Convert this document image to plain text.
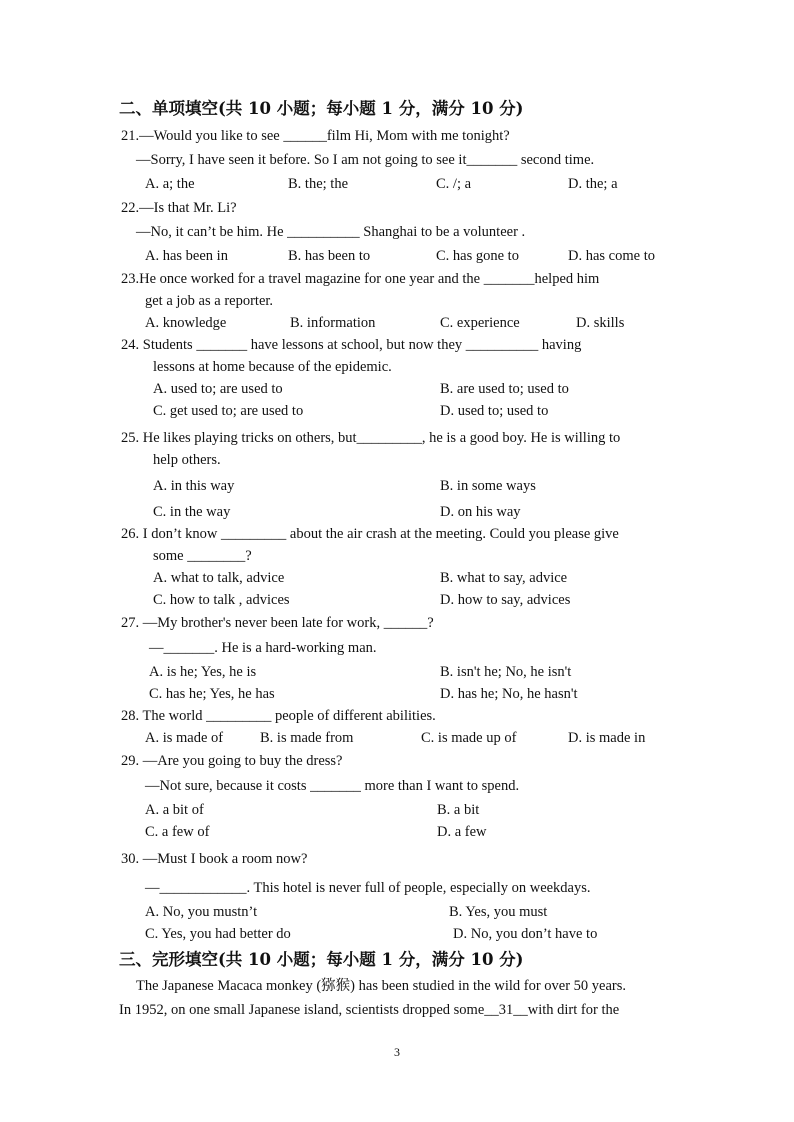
二、单项填空(共 10 小题；每小题 1 分，满分 10 分)
21.—Would you like to see ______film Hi, Mom with me tonight?
—Sorry, I have seen it before. So I am not going to see it_______ second time.
A. a; the	B. the; the	C. /; a	D. the; a
22.—Is that Mr. Li?
—No, it can’t be him. He __________ Shanghai to be a volunteer .
A. has been in	B. has been to	C. has gone to	D. has come to
23.He once worked for a travel magazine for one year and the _______helped him
get a job as a reporter.
A. knowledge	B. information	C. experience	D. skills
24. Students _______ have lessons at school, but now they __________ having
lessons at home because of the epidemic.
A. used to; are used to	B. are used to; used to
C. get used to; are used to	D. used to; used to
25. He likes playing tricks on others, but_________, he is a good boy. He is willing to
help others.
A. in this way	B. in some ways
C. in the way	D. on his way
26. I don’t know _________ about the air crash at the meeting. Could you please give
some ________?
A. what to talk, advice	B. what to say, advice
C. how to talk , advices	D. how to say, advices
27. —My brother's never been late for work, ______?
—_______. He is a hard-working man.
A. is he; Yes, he is	B. isn't he; No, he isn't
C. has he; Yes, he has	D. has he; No, he hasn't
28. The world _________ people of different abilities.
A. is made of	B. is made from	C. is made up of	D. is made in
29. —Are you going to buy the dress?
—Not sure, because it costs _______ more than I want to spend.
A. a bit of	B. a bit
C. a few of	D. a few
30. —Must I book a room now?
—____________. This hotel is never full of people, especially on weekdays.
A. No, you mustn’t	B. Yes, you must
C. Yes, you had better do	D. No, you don’t have to
三、完形填空(共 10 小题；每小题 1 分，满分 10 分)
The Japanese Macaca monkey (猕猴) has been studied in the wild for over 50 years.
In 1952, on one small Japanese island, scientists dropped some__31__with dirt for the
3
